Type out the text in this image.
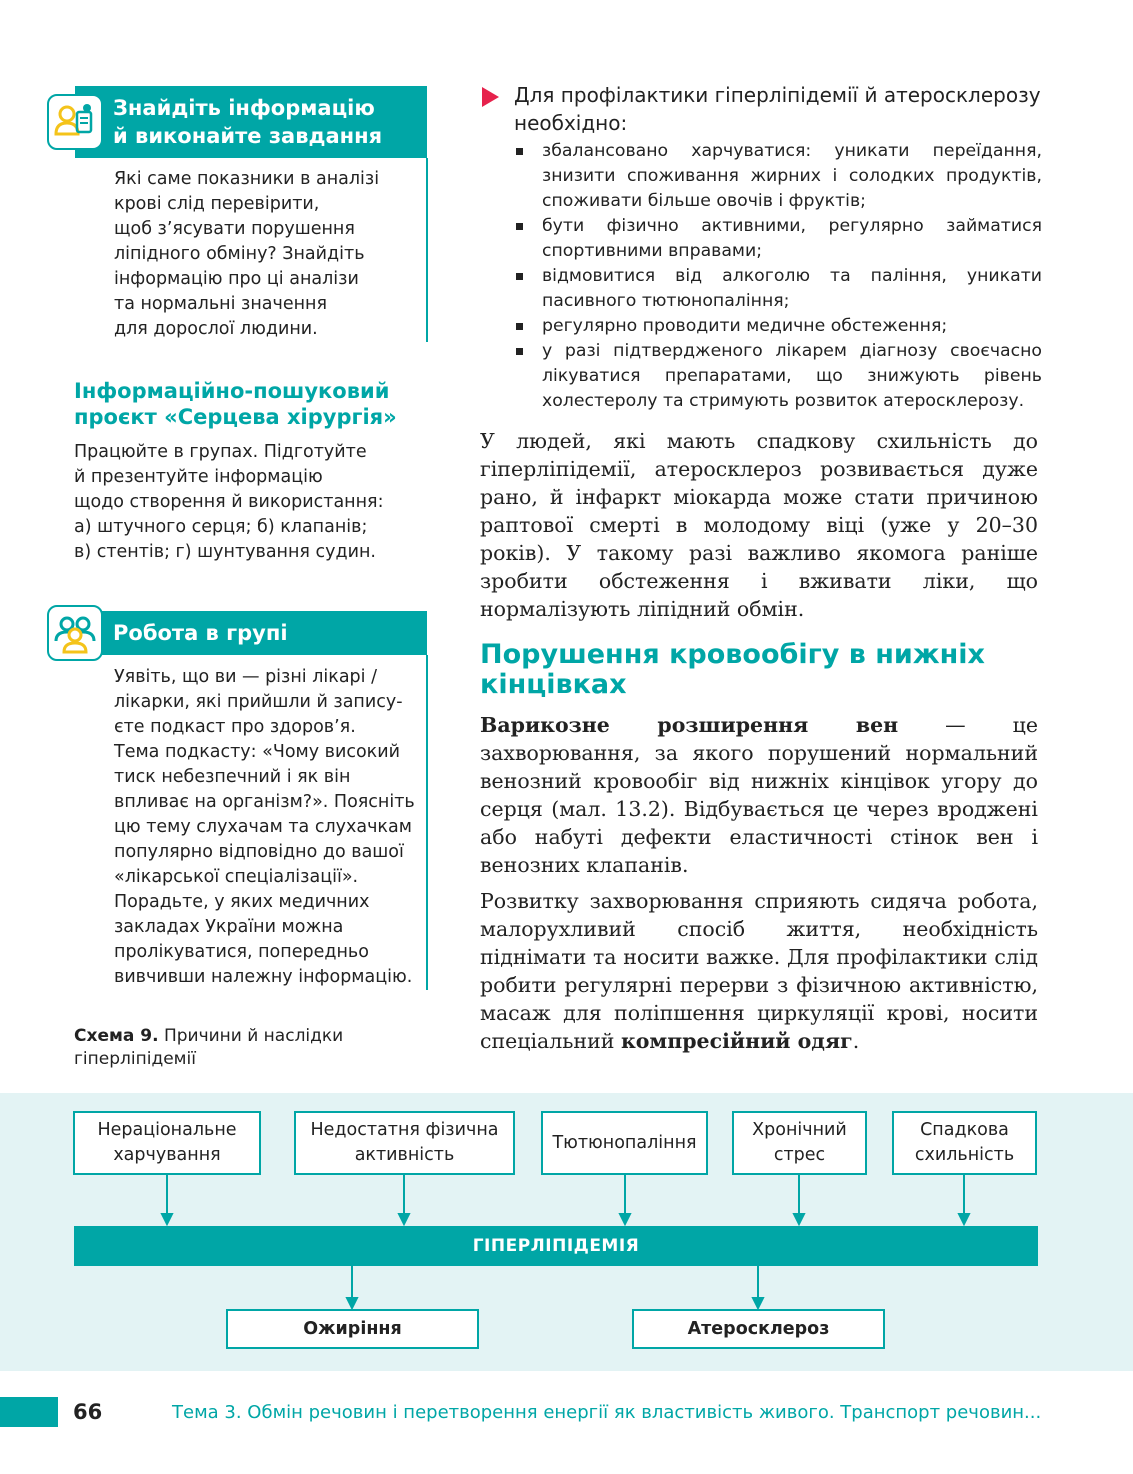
Знайдіть інформацію
й виконайте завдання
Які саме показники в аналізі
крові слід перевірити,
щоб з’ясувати порушення
ліпідного обміну? Знайдіть
інформацію про ці аналізи
та нормальні значення
для дорослої людини.
Інформаційно-пошуковий
проєкт «Серцева хірургія»
Працюйте в групах. Підготуйте
й презентуйте інформацію
щодо створення й використання:
а) штучного серця; б) клапанів;
в) стентів; г) шунтування судин.
Робота в групі
Уявіть, що ви — різні лікарі /
лікарки, які прийшли й запису-
єте подкаст про здоров’я.
Тема подкасту: «Чому високий
тиск небезпечний і як він
впливає на організм?». Поясніть
цю тему слухачам та слухачкам
популярно відповідно до вашої
«лікарської спеціалізації».
Порадьте, у яких медичних
закладах України можна
пролікуватися, попередньо
вивчивши належну інформацію.
Схема 9. Причини й наслідки гіперліпідемії
Для профілактики гіперліпідемії й атеросклерозу необхідно:
збалансовано харчуватися: уникати переїдання, знизити споживання жирних і солодких продуктів, споживати більше овочів і фруктів;
бути фізично активними, регулярно займатися спортивними вправами;
відмовитися від алкоголю та паління, уникати пасивного тютюнопаління;
регулярно проводити медичне обстеження;
у разі підтвердженого лікарем діагнозу своєчасно лікуватися препаратами, що знижують рівень холестеролу та стримують розвиток атеросклерозу.
У людей, які мають спадкову схильність до гіперліпідемії, атеросклероз розвивається дуже рано, й інфаркт міокарда може стати причиною раптової смерті в молодому віці (уже у 20–30 років). У такому разі важливо якомога раніше зробити обстеження і вживати ліки, що нормалізують ліпідний обмін.
Порушення кровообігу в нижніх
кінцівках
Варикозне розширення вен — це захворювання, за якого порушений нормальний венозний кровообіг від нижніх кінцівок угору до серця (мал. 13.2). Відбувається це через вроджені або набуті дефекти еластичності стінок вен і венозних клапанів.
Розвитку захворювання сприяють сидяча робота, малорухливий спосіб життя, необхідність піднімати та носити важке. Для профілактики слід робити регулярні перерви з фізичною активністю, масаж для поліпшення циркуляції крові, носити спеціальний компресійний одяг.
Нераціональне
харчування
Недостатня фізична
активність
Тютюнопаління
Хронічний
стрес
Спадкова
схильність
ГІПЕРЛІПІДЕМІЯ
Ожиріння	Атеросклероз
66	Тема 3. Обмін речовин і перетворення енергії як властивість живого. Транспорт речовин...
